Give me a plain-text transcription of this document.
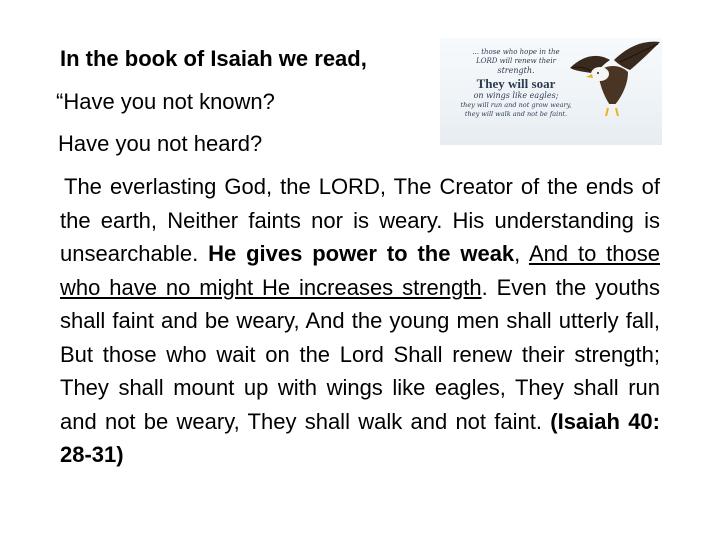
In the book of Isaiah we read,
“Have you not known?
Have you not heard?
... those who hope in the
LORD will renew their
strength.
They will soar
on wings like eagles;
they will run and not grow weary,
they will walk and not be faint.
The everlasting God, the LORD, The Creator of the ends of the earth, Neither faints nor is weary. His understanding is unsearchable. He gives power to the weak, And to those who have no might He increases strength. Even the youths shall faint and be weary, And the young men shall utterly fall, But those who wait on the Lord Shall renew their strength; They shall mount up with wings like eagles, They shall run and not be weary, They shall walk and not faint. (Isaiah 40: 28-31)
